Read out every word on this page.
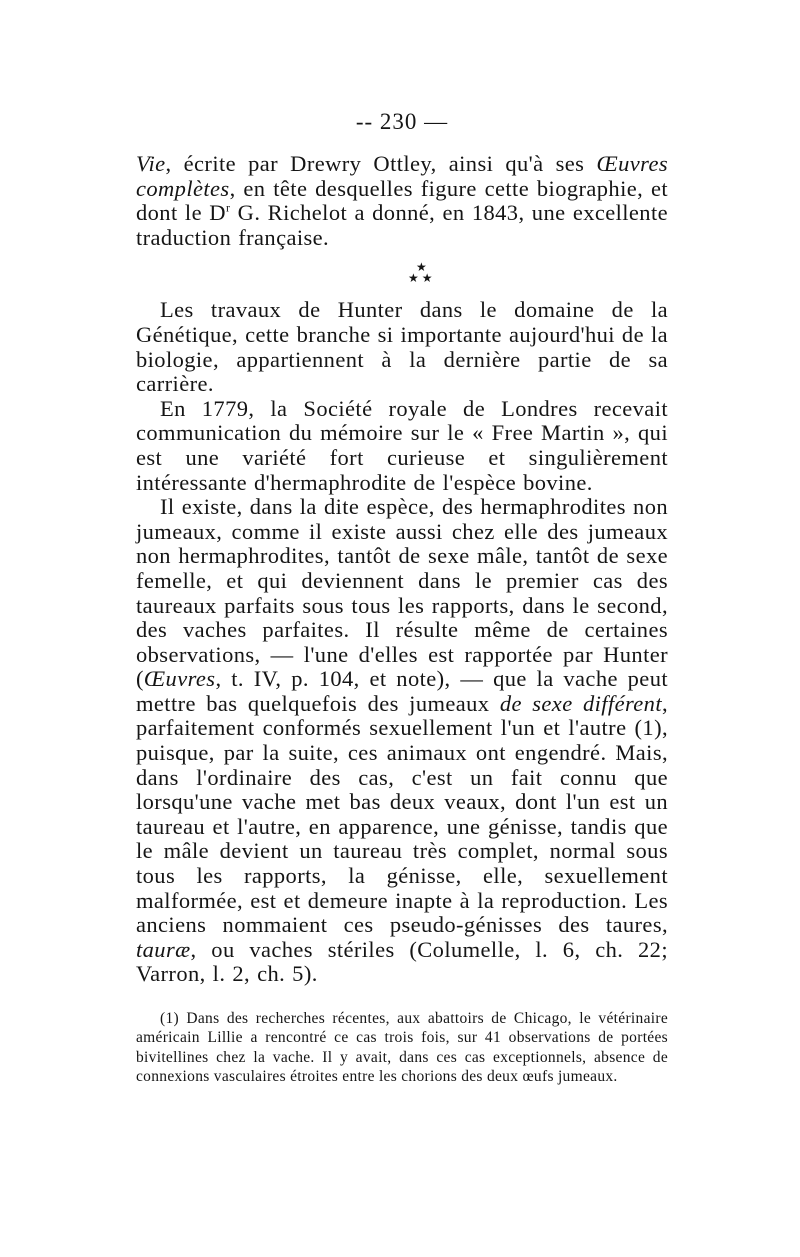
-- 230 —

Vie, écrite par Drewry Ottley, ainsi qu'à ses Œuvres complètes, en tête desquelles figure cette biographie, et dont le $D^r$ G. Richelot a donné, en 1843, une excellente traduction française.

★
★ ★

Les travaux de Hunter dans le domaine de la Génétique, cette branche si importante aujourd'hui de la biologie, appartiennent à la dernière partie de sa carrière.

En 1779, la Société royale de Londres recevait communication du mémoire sur le « Free Martin », qui est une variété fort curieuse et singulièrement intéressante d'hermaphrodite de l'espèce bovine.

Il existe, dans la dite espèce, des hermaphrodites non jumeaux, comme il existe aussi chez elle des jumeaux non hermaphrodites, tantôt de sexe mâle, tantôt de sexe femelle, et qui deviennent dans le premier cas des taureaux parfaits sous tous les rapports, dans le second, des vaches parfaites. Il résulte même de certaines observations, — l'une d'elles est rapportée par Hunter (Œuvres, t. IV, p. 104, et note), — que la vache peut mettre bas quelquefois des jumeaux de sexe différent, parfaitement conformés sexuellement l'un et l'autre (1), puisque, par la suite, ces animaux ont engendré. Mais, dans l'ordinaire des cas, c'est un fait connu que lorsqu'une vache met bas deux veaux, dont l'un est un taureau et l'autre, en apparence, une génisse, tandis que le mâle devient un taureau très complet, normal sous tous les rapports, la génisse, elle, sexuellement malformée, est et demeure inapte à la reproduction. Les anciens nommaient ces pseudo-génisses des taures, tauræ, ou vaches stériles (Columelle, l. 6, ch. 22; Varron, l. 2, ch. 5).

(1) Dans des recherches récentes, aux abattoirs de Chicago, le vétérinaire américain Lillie a rencontré ce cas trois fois, sur 41 observations de portées bivitellines chez la vache. Il y avait, dans ces cas exceptionnels, absence de connexions vasculaires étroites entre les chorions des deux œufs jumeaux.
